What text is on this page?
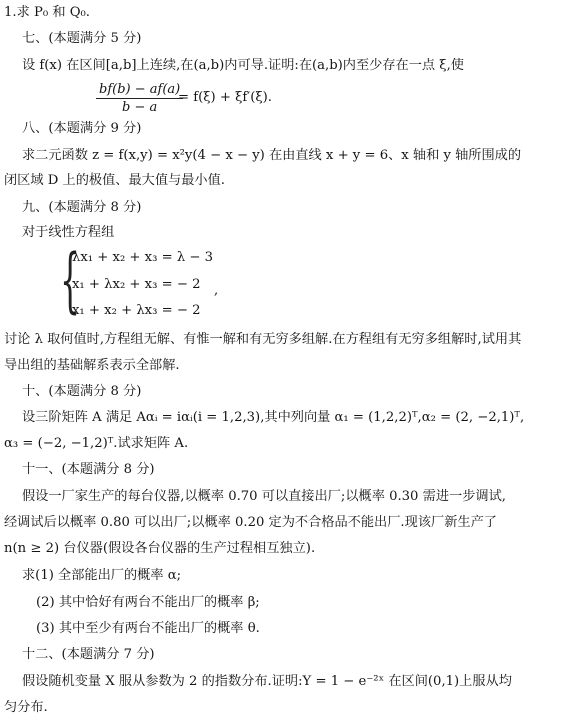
1.求 P₀ 和 Q₀.
七、(本题满分 5 分)
设 f(x) 在区间[a,b]上连续,在(a,b)内可导.证明:在(a,b)内至少存在一点 ξ,使
$\frac{bf(b) - af(a)}{b - a}$
= f(ξ) + ξf′(ξ).
八、(本题满分 9 分)
求二元函数 z = f(x,y) = x²y(4 − x − y) 在由直线 x + y = 6、x 轴和 y 轴所围成的
闭区域 D 上的极值、最大值与最小值.
九、(本题满分 8 分)
对于线性方程组
{
λx₁ + x₂ + x₃ = λ − 3
x₁ + λx₂ + x₃ = − 2
x₁ + x₂ + λx₃ = − 2
,
讨论 λ 取何值时,方程组无解、有惟一解和有无穷多组解.在方程组有无穷多组解时,试用其
导出组的基础解系表示全部解.
十、(本题满分 8 分)
设三阶矩阵 A 满足 Aαᵢ = iαᵢ(i = 1,2,3),其中列向量 α₁ = (1,2,2)ᵀ,α₂ = (2, −2,1)ᵀ,
α₃ = (−2, −1,2)ᵀ.试求矩阵 A.
十一、(本题满分 8 分)
假设一厂家生产的每台仪器,以概率 0.70 可以直接出厂;以概率 0.30 需进一步调试,
经调试后以概率 0.80 可以出厂;以概率 0.20 定为不合格品不能出厂.现该厂新生产了
n(n ≥ 2) 台仪器(假设各台仪器的生产过程相互独立).
求(1) 全部能出厂的概率 α;
(2) 其中恰好有两台不能出厂的概率 β;
(3) 其中至少有两台不能出厂的概率 θ.
十二、(本题满分 7 分)
假设随机变量 X 服从参数为 2 的指数分布.证明:Y = 1 − e⁻²ˣ 在区间(0,1)上服从均
匀分布.
